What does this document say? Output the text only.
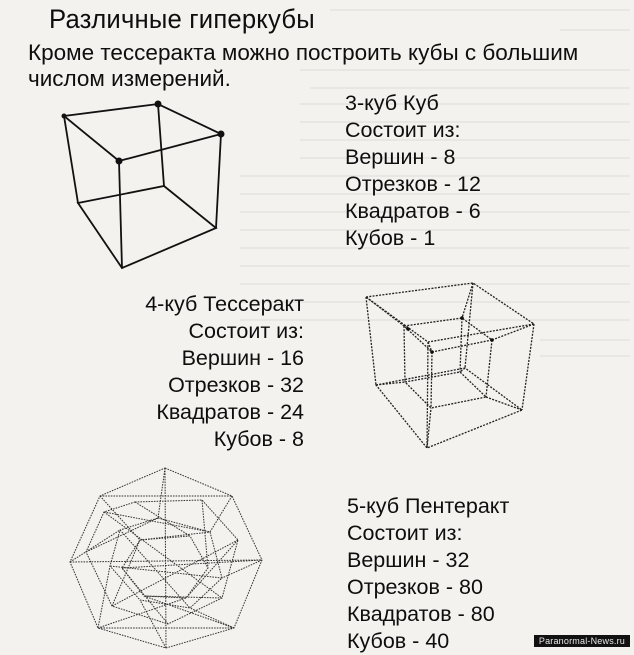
Различные гиперкубы

Кроме тессеракта можно построить кубы с большим числом измерений.

3-куб Куб
Состоит из:
Вершин - 8
Отрезков - 12
Квадратов - 6
Кубов - 1
4-куб Тессеракт
Состоит из:
Вершин - 16
Отрезков - 32
Квадратов - 24
Кубов - 8
5-куб Пентеракт
Состоит из:
Вершин - 32
Отрезков - 80
Квадратов - 80
Кубов - 40	Paranormal-News.ru
